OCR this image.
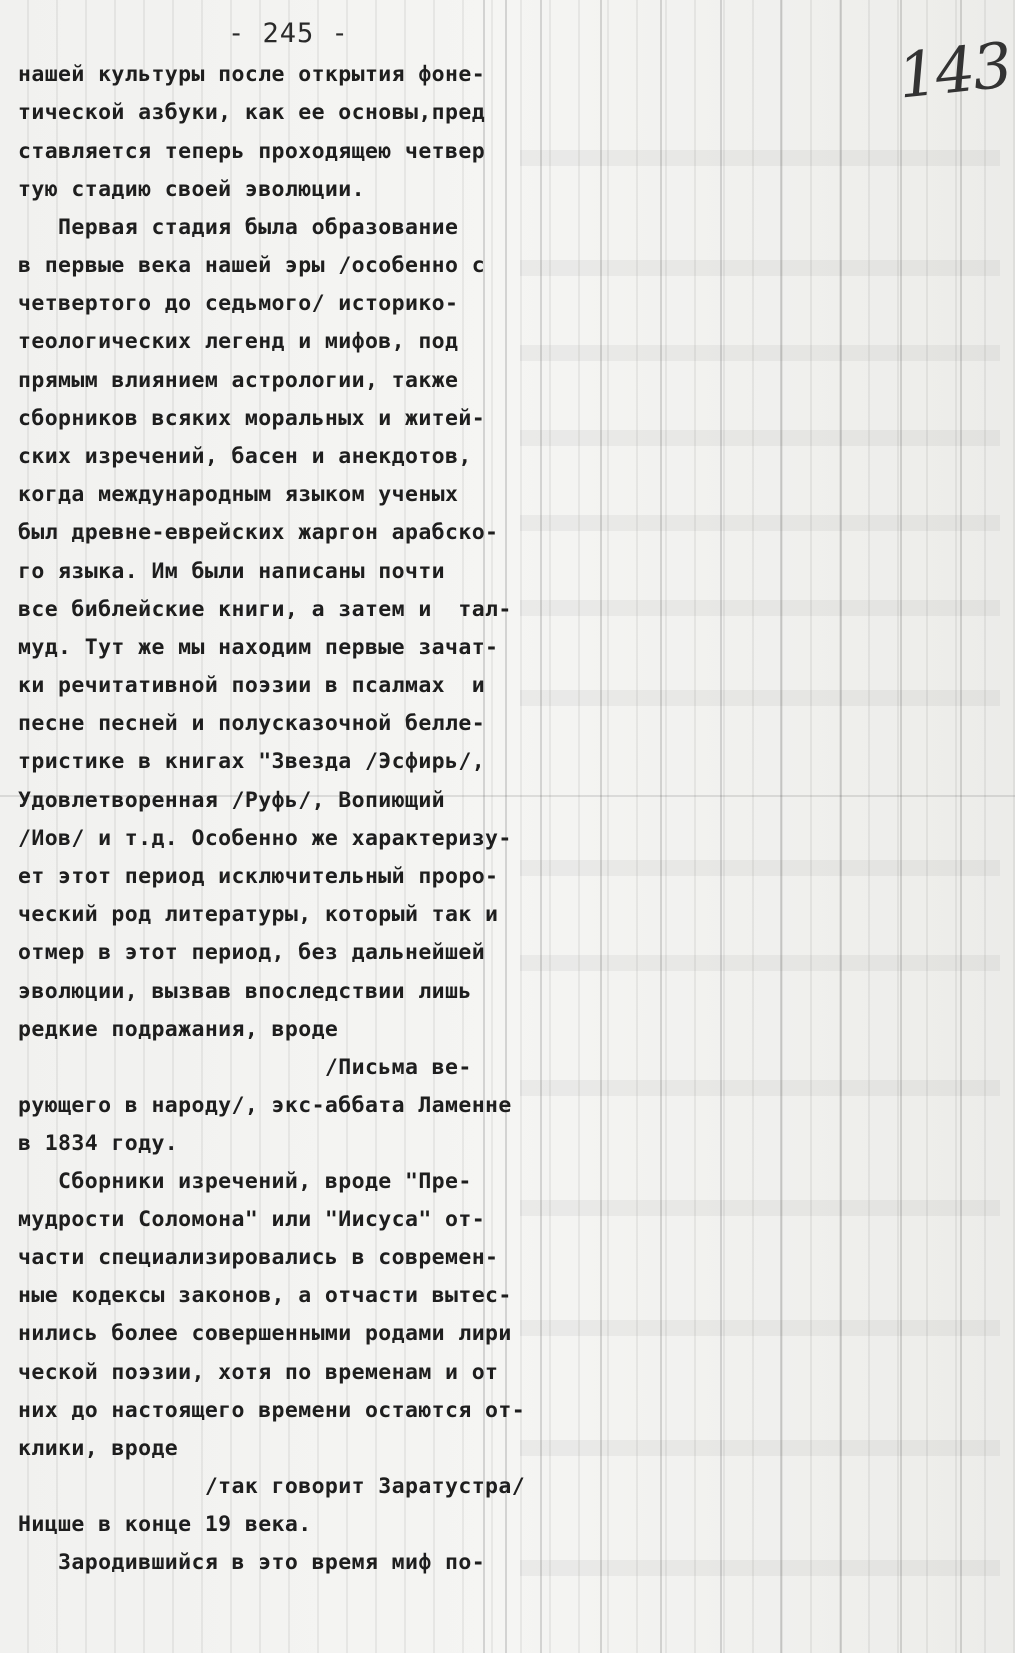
- 245 -	143
нашей культуры после открытия фоне-
тической азбуки, как ее основы,пред
ставляется теперь проходящею четвер
тую стадию своей эволюции.
Первая стадия была образование
в первые века нашей эры /особенно с
четвертого до седьмого/ историко-
теологических легенд и мифов, под
прямым влиянием астрологии, также
сборников всяких моральных и житей-
ских изречений, басен и анекдотов,
когда международным языком ученых
был древне-еврейских жаргон арабско-
го языка. Им были написаны почти
все библейские книги, а затем и  тал-
муд. Тут же мы находим первые зачат-
ки речитативной поэзии в псалмах  и
песне песней и полусказочной белле-
тристике в книгах "Звезда /Эсфирь/,
Удовлетворенная /Руфь/, Вопиющий
/Иов/ и т.д. Особенно же характеризу-
ет этот период исключительный проро-
ческий род литературы, который так и
отмер в этот период, без дальнейшей
эволюции, вызвав впоследствии лишь
редкие подражания, вроде
/Письма ве-
рующего в народу/, экс-аббата Ламенне
в 1834 году.
Сборники изречений, вроде "Пре-
мудрости Соломона" или "Иисуса" от-
части специализировались в современ-
ные кодексы законов, а отчасти вытес-
нились более совершенными родами лири
ческой поэзии, хотя по временам и от
них до настоящего времени остаются от-
клики, вроде
/так говорит Заратустра/
Ницше в конце 19 века.
Зародившийся в это время миф по-
